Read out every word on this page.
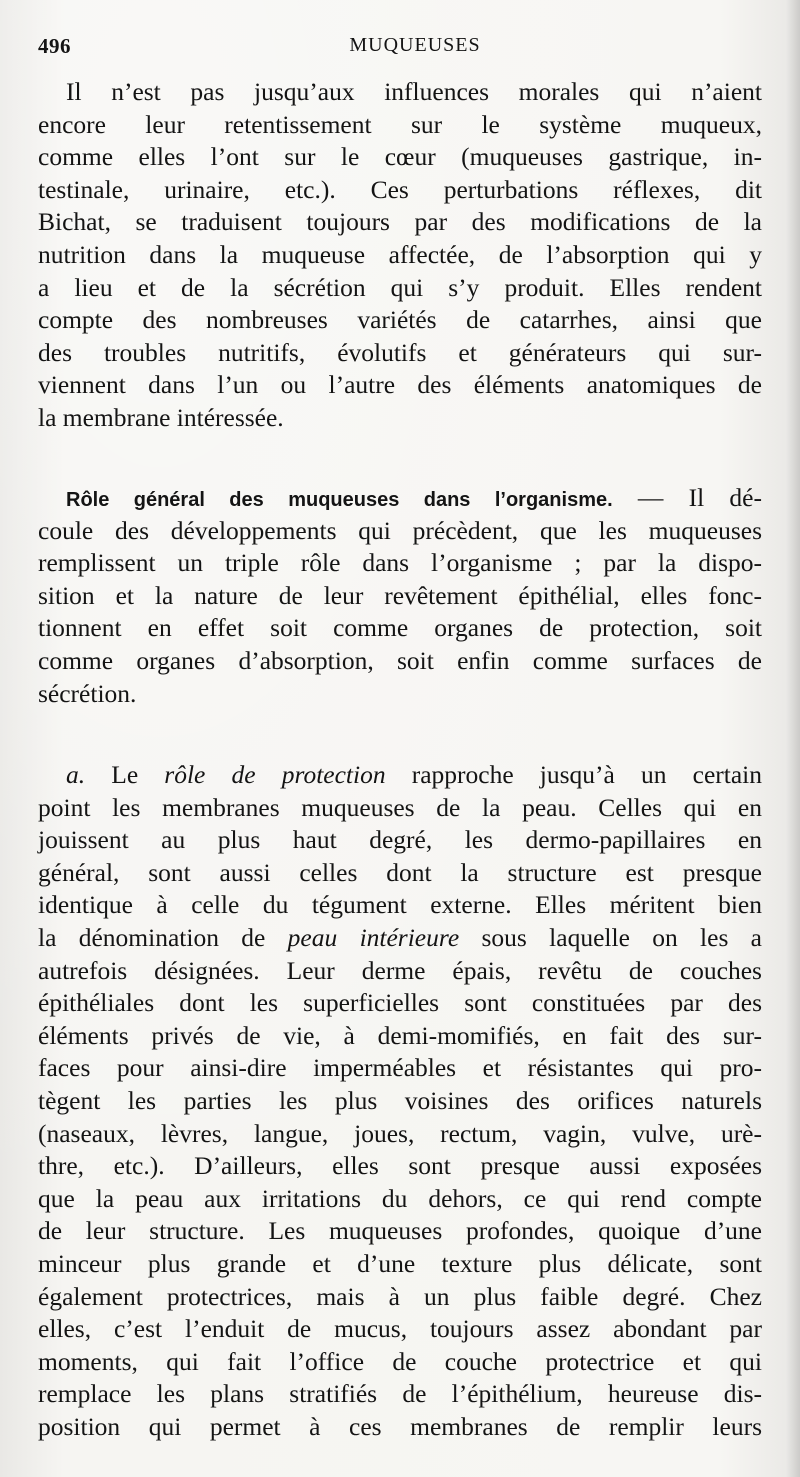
496	MUQUEUSES
Il n’est pas jusqu’aux influences morales qui n’aient
encore leur retentissement sur le système muqueux,
comme elles l’ont sur le cœur (muqueuses gastrique, in-
testinale, urinaire, etc.). Ces perturbations réflexes, dit
Bichat, se traduisent toujours par des modifications de la
nutrition dans la muqueuse affectée, de l’absorption qui y
a lieu et de la sécrétion qui s’y produit. Elles rendent
compte des nombreuses variétés de catarrhes, ainsi que
des troubles nutritifs, évolutifs et générateurs qui sur-
viennent dans l’un ou l’autre des éléments anatomiques de
la membrane intéressée.
Rôle général des muqueuses dans l’organisme. — Il dé-
coule des développements qui précèdent, que les muqueuses
remplissent un triple rôle dans l’organisme ; par la dispo-
sition et la nature de leur revêtement épithélial, elles fonc-
tionnent en effet soit comme organes de protection, soit
comme organes d’absorption, soit enfin comme surfaces de
sécrétion.
a. Le rôle de protection rapproche jusqu’à un certain
point les membranes muqueuses de la peau. Celles qui en
jouissent au plus haut degré, les dermo-papillaires en
général, sont aussi celles dont la structure est presque
identique à celle du tégument externe. Elles méritent bien
la dénomination de peau intérieure sous laquelle on les a
autrefois désignées. Leur derme épais, revêtu de couches
épithéliales dont les superficielles sont constituées par des
éléments privés de vie, à demi-momifiés, en fait des sur-
faces pour ainsi-dire imperméables et résistantes qui pro-
tègent les parties les plus voisines des orifices naturels
(naseaux, lèvres, langue, joues, rectum, vagin, vulve, urè-
thre, etc.). D’ailleurs, elles sont presque aussi exposées
que la peau aux irritations du dehors, ce qui rend compte
de leur structure. Les muqueuses profondes, quoique d’une
minceur plus grande et d’une texture plus délicate, sont
également protectrices, mais à un plus faible degré. Chez
elles, c’est l’enduit de mucus, toujours assez abondant par
moments, qui fait l’office de couche protectrice et qui
remplace les plans stratifiés de l’épithélium, heureuse dis-
position qui permet à ces membranes de remplir leurs
